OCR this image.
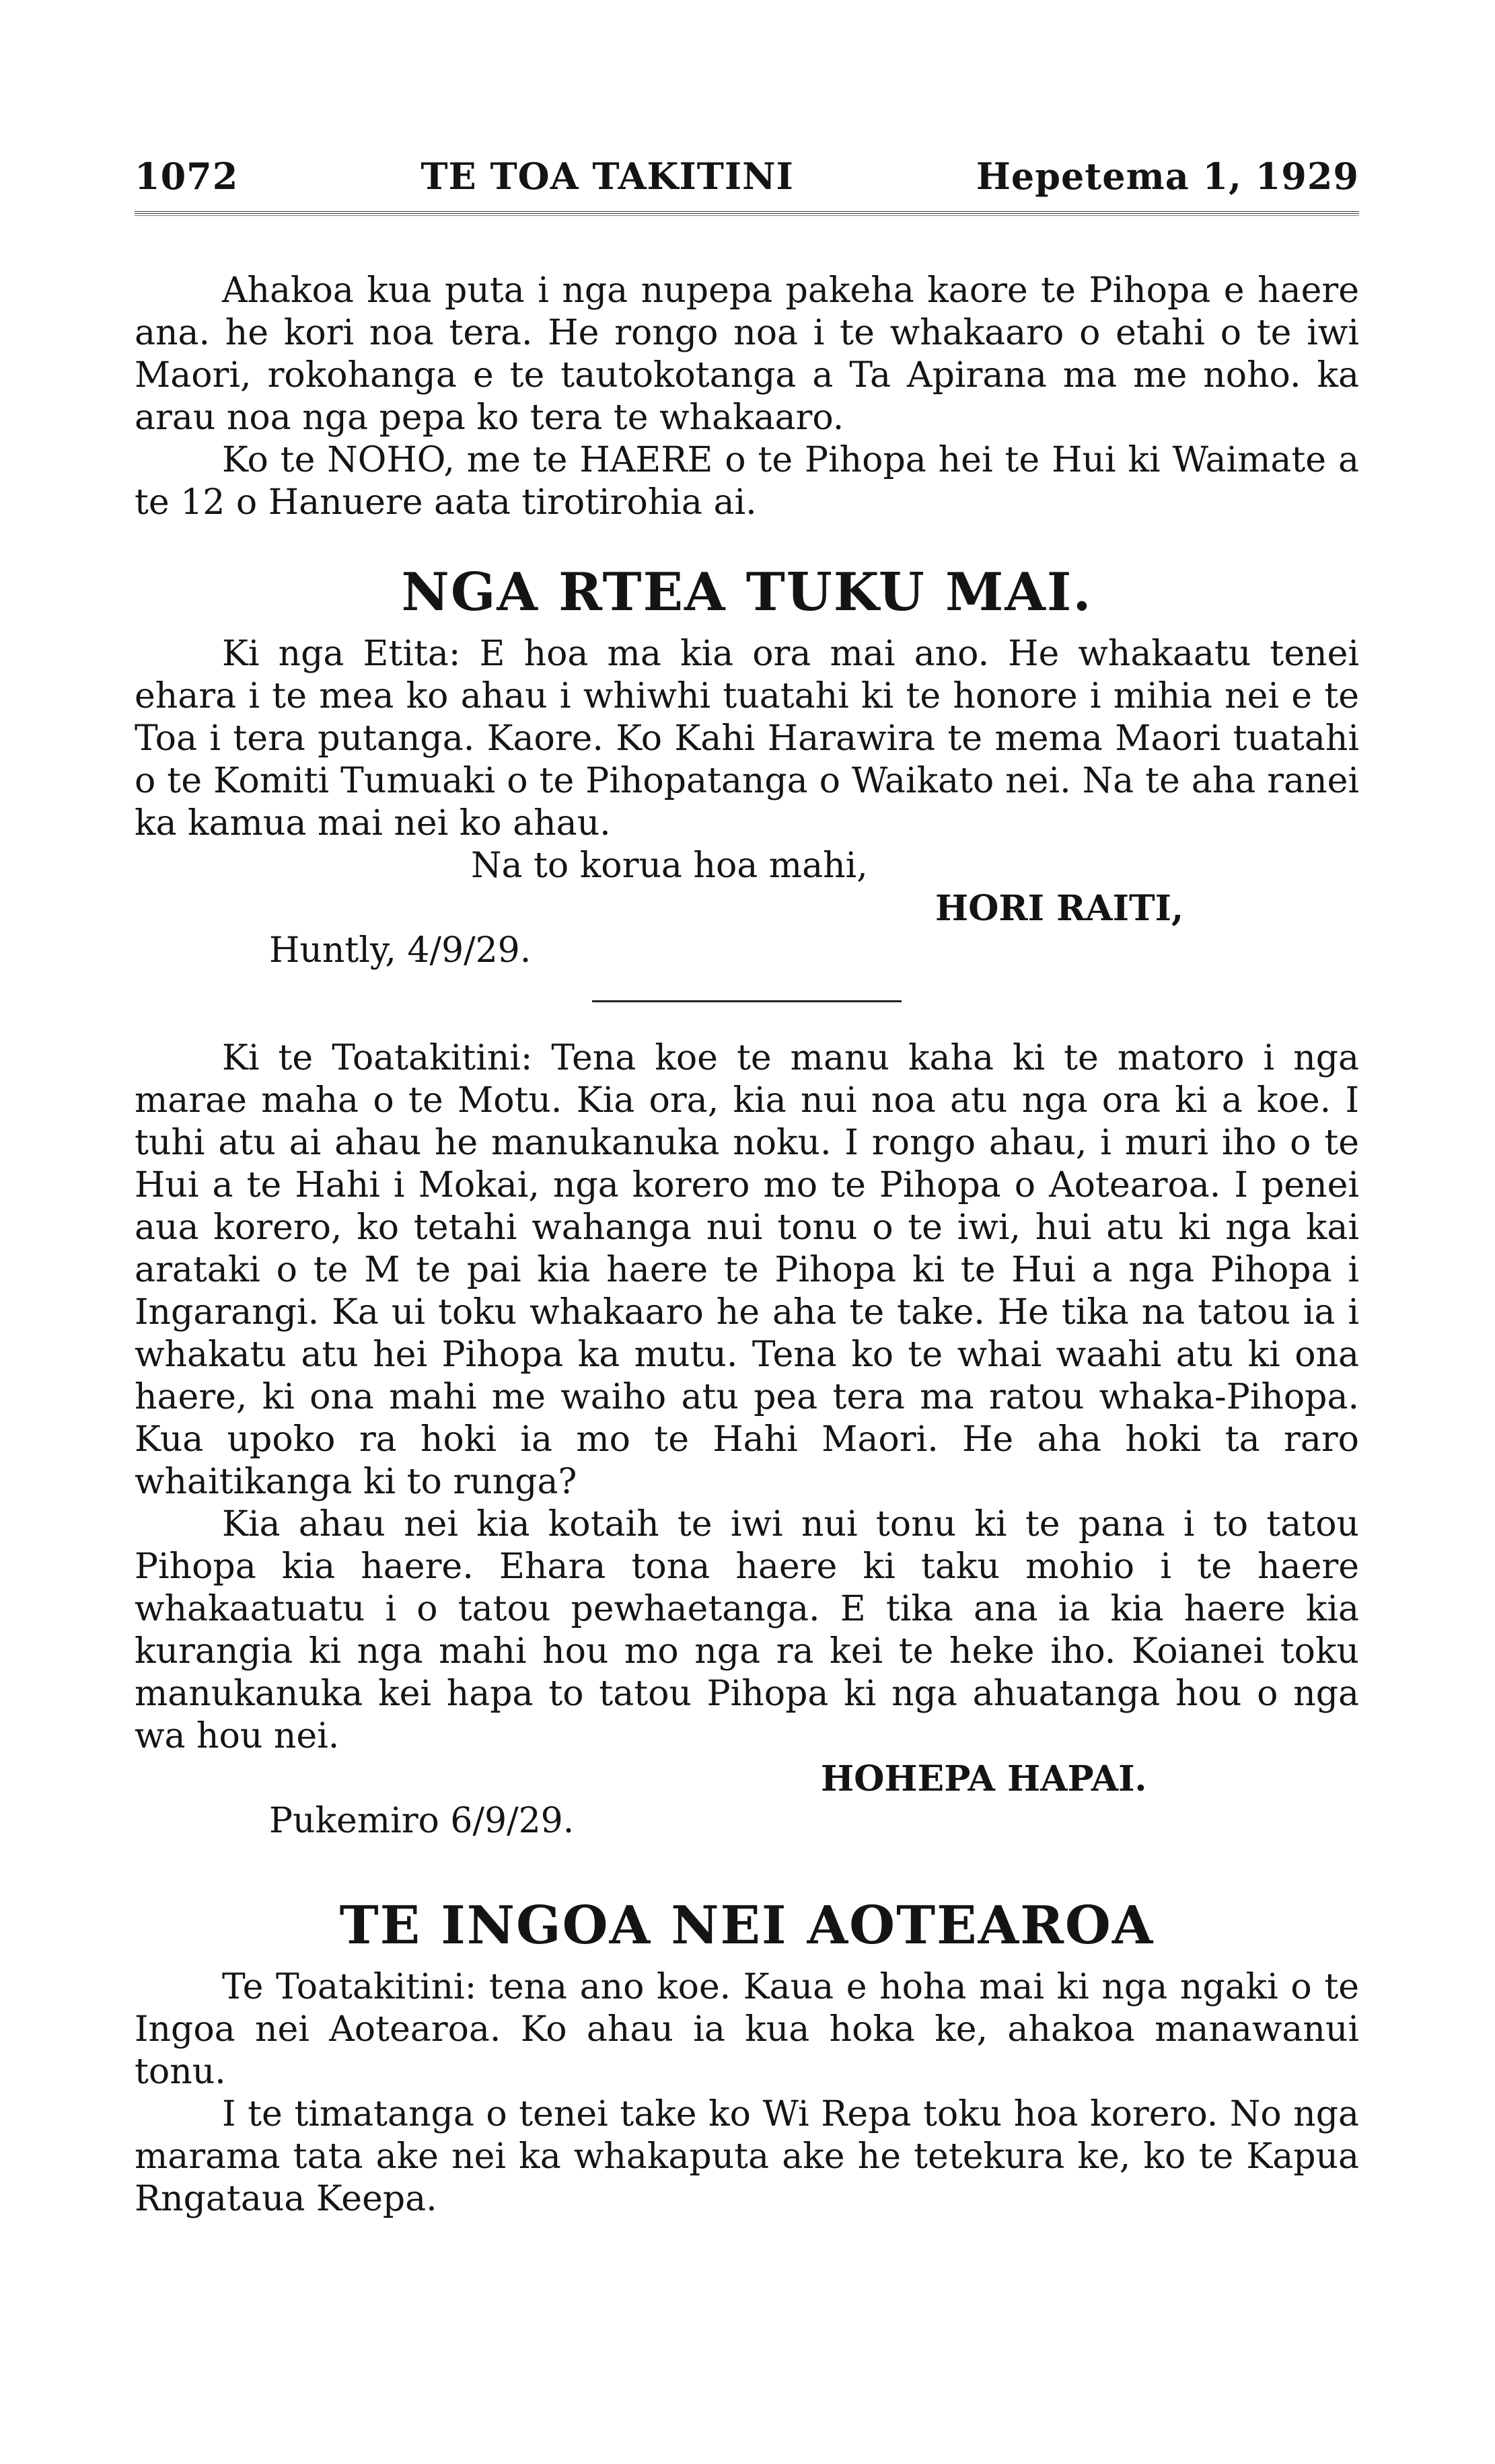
1072	TE TOA TAKITINI	Hepetema 1, 1929

Ahakoa kua puta i nga nupepa pakeha kaore te Pihopa e haere ana. he kori noa tera. He rongo noa i te whakaaro o etahi o te iwi Maori, rokohanga e te tautokotanga a Ta Apirana ma me noho. ka arau noa nga pepa ko tera te whakaaro.

Ko te NOHO, me te HAERE o te Pihopa hei te Hui ki Waimate a te 12 o Hanuere aata tirotirohia ai.

NGA RTEA TUKU MAI.

Ki nga Etita: E hoa ma kia ora mai ano. He whakaatu tenei ehara i te mea ko ahau i whiwhi tuatahi ki te honore i mihia nei e te Toa i tera putanga. Kaore. Ko Kahi Harawira te mema Maori tuatahi o te Komiti Tumuaki o te Pihopatanga o Waikato nei. Na te aha ranei ka kamua mai nei ko ahau.

Na to korua hoa mahi,
HORI RAITI,
Huntly, 4/9/29.

Ki te Toatakitini: Tena koe te manu kaha ki te matoro i nga marae maha o te Motu. Kia ora, kia nui noa atu nga ora ki a koe. I tuhi atu ai ahau he manukanuka noku. I rongo ahau, i muri iho o te Hui a te Hahi i Mokai, nga korero mo te Pihopa o Aotearoa. I penei aua korero, ko tetahi wahanga nui tonu o te iwi, hui atu ki nga kai arataki o te M te pai kia haere te Pihopa ki te Hui a nga Pihopa i Ingarangi. Ka ui toku whakaaro he aha te take. He tika na tatou ia i whakatu atu hei Pihopa ka mutu. Tena ko te whai waahi atu ki ona haere, ki ona mahi me waiho atu pea tera ma ratou whaka-Pihopa. Kua upoko ra hoki ia mo te Hahi Maori. He aha hoki ta raro whaitikanga ki to runga?

Kia ahau nei kia kotaih te iwi nui tonu ki te pana i to tatou Pihopa kia haere. Ehara tona haere ki taku mohio i te haere whakaatuatu i o tatou pewhaetanga. E tika ana ia kia haere kia kurangia ki nga mahi hou mo nga ra kei te heke iho. Koianei toku manukanuka kei hapa to tatou Pihopa ki nga ahuatanga hou o nga wa hou nei.

HOHEPA HAPAI.
Pukemiro 6/9/29.
TE INGOA NEI AOTEAROA

Te Toatakitini: tena ano koe. Kaua e hoha mai ki nga ngaki o te Ingoa nei Aotearoa. Ko ahau ia kua hoka ke, ahakoa manawanui tonu.

I te timatanga o tenei take ko Wi Repa toku hoa korero. No nga marama tata ake nei ka whakaputa ake he tetekura ke, ko te Kapua Rngataua Keepa.
